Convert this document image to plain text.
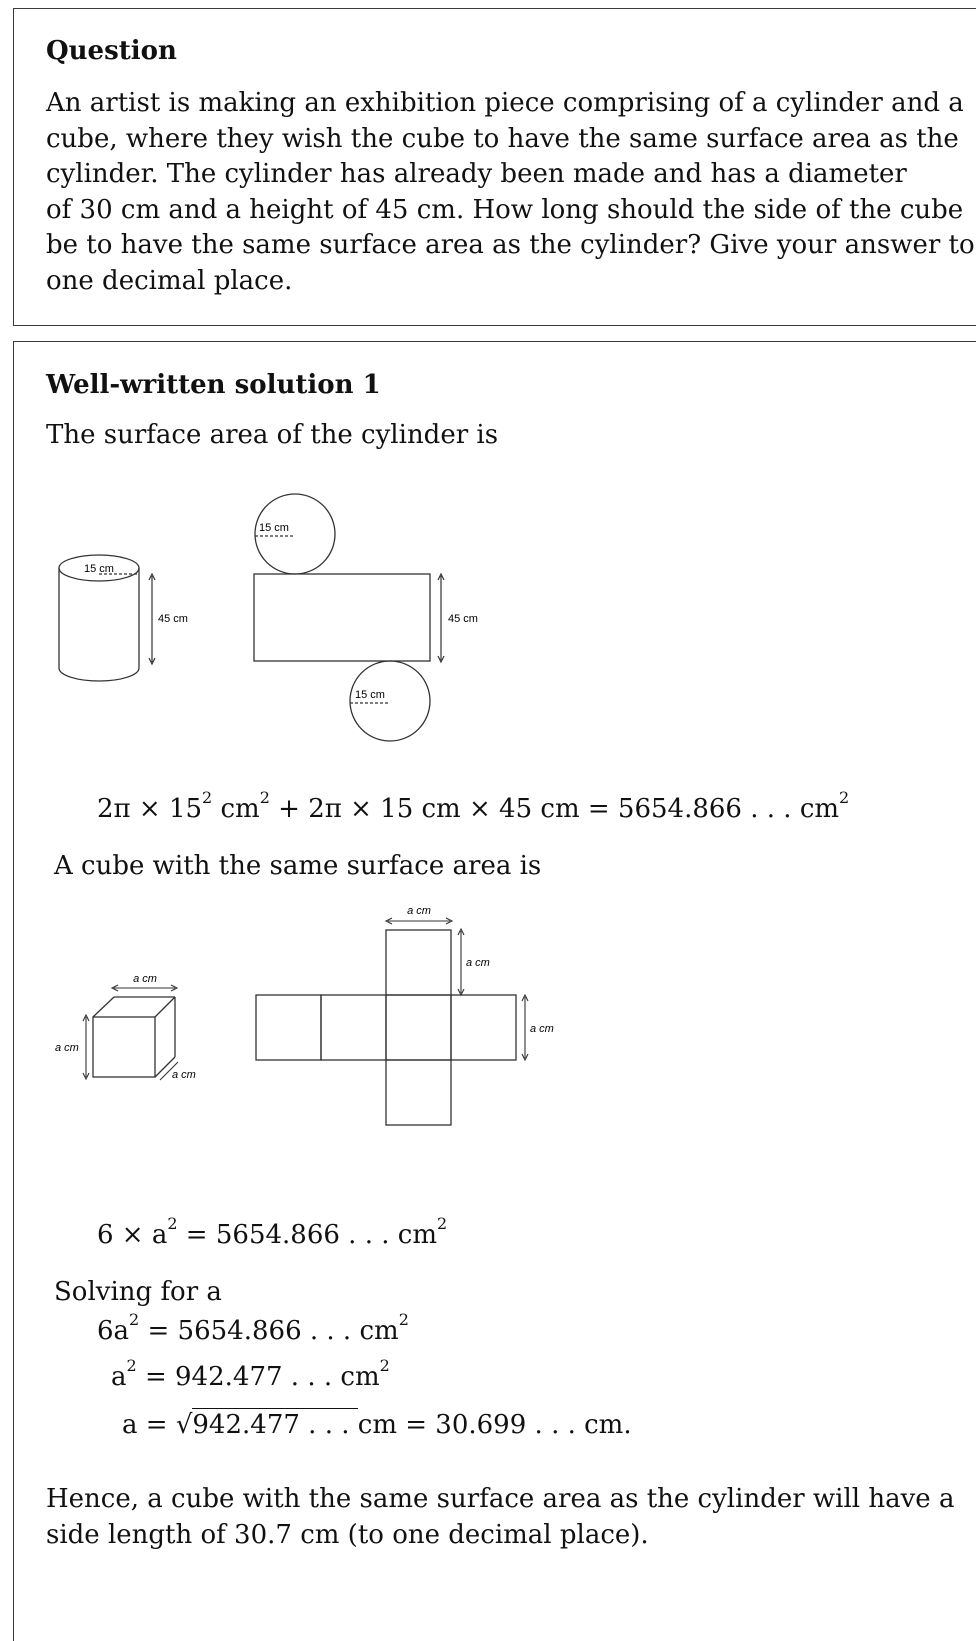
Question
An artist is making an exhibition piece comprising of a cylinder and a
cube, where they wish the cube to have the same surface area as the
cylinder. The cylinder has already been made and has a diameter
of 30 cm and a height of 45 cm. How long should the side of the cube
be to have the same surface area as the cylinder? Give your answer to
one decimal place.
Well-written solution 1
The surface area of the cylinder is
15 cm
45 cm
15 cm
15 cm
45 cm
$2\pi \times 15^2$ $cm^2 + 2\pi \times 15$ cm × 45 cm = 5654.866 . . . $cm^2$
A cube with the same surface area is
a cm
a cm
a cm
a cm
a cm
a cm
$6 \times a^2 = 5654.866$ . . . $cm^2$
Solving for a
$6a^2 = 5654.866$ . . . $cm^2$
$a^2 = 942.477$ . . . $cm^2$
a = √942.477 . . . cm = 30.699 . . . cm.
Hence, a cube with the same surface area as the cylinder will have a
side length of 30.7 cm (to one decimal place).
